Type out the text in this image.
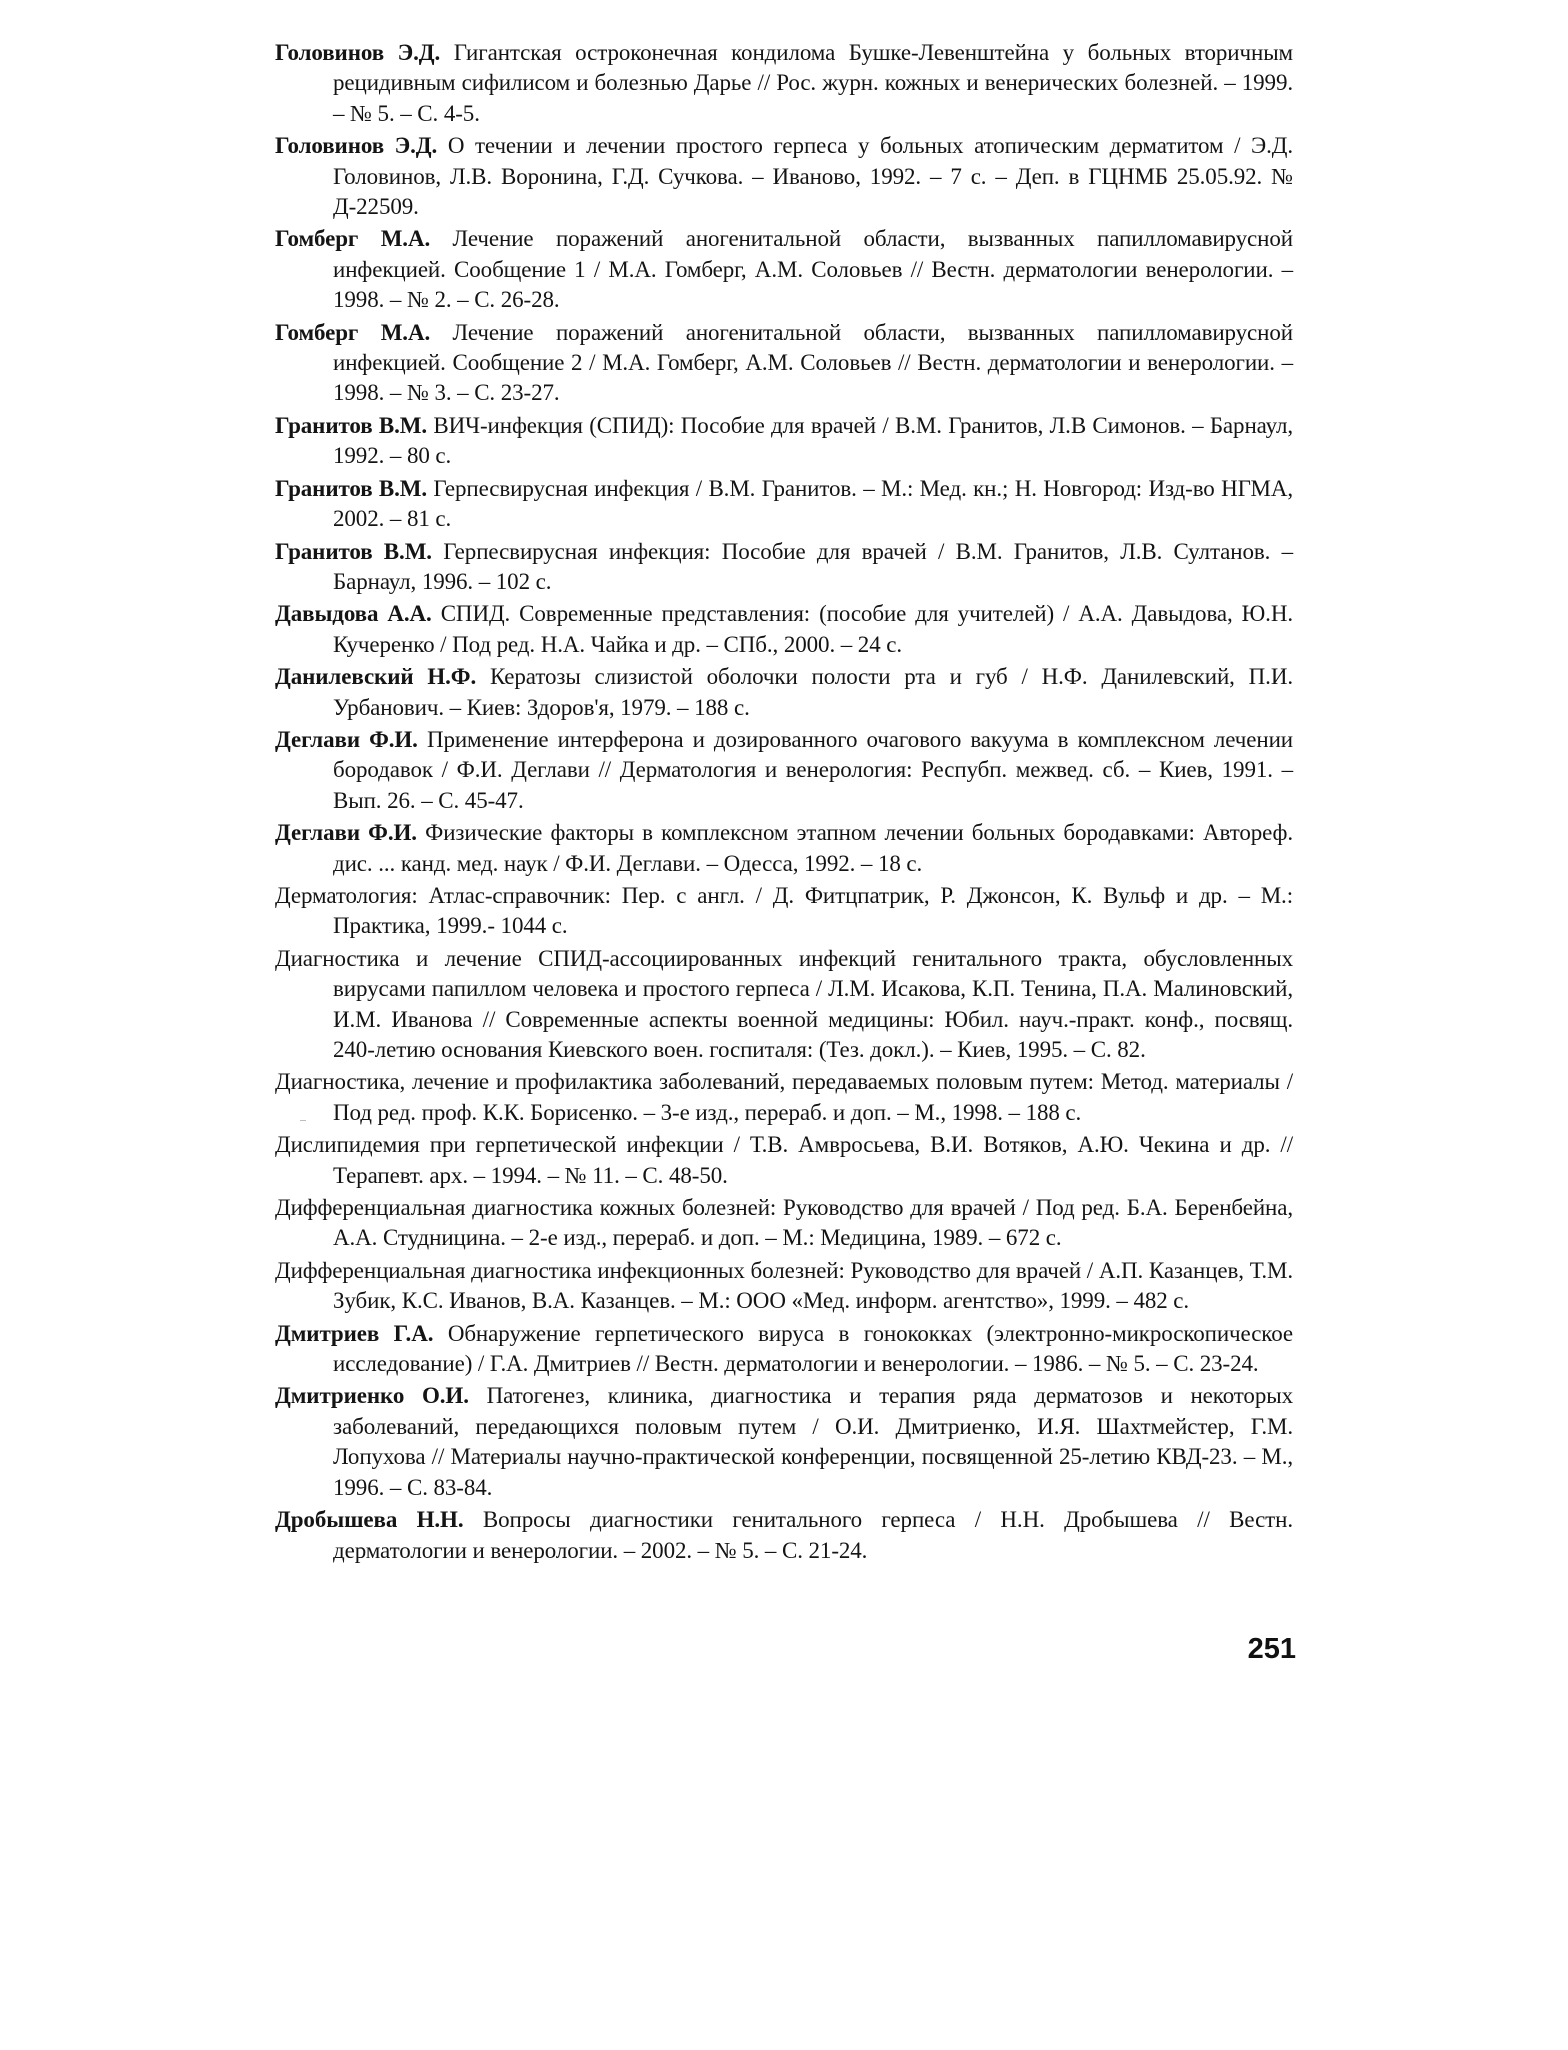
Головинов Э.Д. Гигантская остроконечная кондилома Бушке-Левенштейна у больных вторичным рецидивным сифилисом и болезнью Дарье // Рос. журн. кожных и венерических болезней. – 1999. – № 5. – С. 4-5.
Головинов Э.Д. О течении и лечении простого герпеса у больных атопическим дерматитом / Э.Д. Головинов, Л.В. Воронина, Г.Д. Сучкова. – Иваново, 1992. – 7 с. – Деп. в ГЦНМБ 25.05.92. № Д-22509.
Гомберг М.А. Лечение поражений аногенитальной области, вызванных папилломавирусной инфекцией. Сообщение 1 / М.А. Гомберг, А.М. Соловьев // Вестн. дерматологии венерологии. – 1998. – № 2. – С. 26-28.
Гомберг М.А. Лечение поражений аногенитальной области, вызванных папилломавирусной инфекцией. Сообщение 2 / М.А. Гомберг, А.М. Соловьев // Вестн. дерматологии и венерологии. – 1998. – № 3. – С. 23-27.
Гранитов В.М. ВИЧ-инфекция (СПИД): Пособие для врачей / В.М. Гранитов, Л.В Симонов. – Барнаул, 1992. – 80 с.
Гранитов В.М. Герпесвирусная инфекция / В.М. Гранитов. – М.: Мед. кн.; Н. Новгород: Изд-во НГМА, 2002. – 81 с.
Гранитов В.М. Герпесвирусная инфекция: Пособие для врачей / В.М. Гранитов, Л.В. Султанов. – Барнаул, 1996. – 102 с.
Давыдова А.А. СПИД. Современные представления: (пособие для учителей) / А.А. Давыдова, Ю.Н. Кучеренко / Под ред. Н.А. Чайка и др. – СПб., 2000. – 24 с.
Данилевский Н.Ф. Кератозы слизистой оболочки полости рта и губ / Н.Ф. Данилевский, П.И. Урбанович. – Киев: Здоров'я, 1979. – 188 с.
Деглави Ф.И. Применение интерферона и дозированного очагового вакуума в комплексном лечении бородавок / Ф.И. Деглави // Дерматология и венерология: Респубп. межвед. сб. – Киев, 1991. – Вып. 26. – С. 45-47.
Деглави Ф.И. Физические факторы в комплексном этапном лечении больных бородавками: Автореф. дис. ... канд. мед. наук / Ф.И. Деглави. – Одесса, 1992. – 18 с.
Дерматология: Атлас-справочник: Пер. с англ. / Д. Фитцпатрик, Р. Джонсон, К. Вульф и др. – М.: Практика, 1999.- 1044 с.
Диагностика и лечение СПИД-ассоциированных инфекций генитального тракта, обусловленных вирусами папиллом человека и простого герпеса / Л.М. Исакова, К.П. Тенина, П.А. Малиновский, И.М. Иванова // Современные аспекты военной медицины: Юбил. науч.-практ. конф., посвящ. 240-летию основания Киевского воен. госпиталя: (Тез. докл.). – Киев, 1995. – С. 82.
Диагностика, лечение и профилактика заболеваний, передаваемых половым путем: Метод. материалы / Под ред. проф. К.К. Борисенко. – 3-е изд., перераб. и доп. – М., 1998. – 188 с.
Дислипидемия при герпетической инфекции / Т.В. Амвросьева, В.И. Вотяков, А.Ю. Чекина и др. // Терапевт. арх. – 1994. – № 11. – С. 48-50.
Дифференциальная диагностика кожных болезней: Руководство для врачей / Под ред. Б.А. Беренбейна, А.А. Студницина. – 2-е изд., перераб. и доп. – М.: Медицина, 1989. – 672 с.
Дифференциальная диагностика инфекционных болезней: Руководство для врачей / А.П. Казанцев, Т.М. Зубик, К.С. Иванов, В.А. Казанцев. – М.: ООО «Мед. информ. агентство», 1999. – 482 с.
Дмитриев Г.А. Обнаружение герпетического вируса в гонококках (электронно-микроскопическое исследование) / Г.А. Дмитриев // Вестн. дерматологии и венерологии. – 1986. – № 5. – С. 23-24.
Дмитриенко О.И. Патогенез, клиника, диагностика и терапия ряда дерматозов и некоторых заболеваний, передающихся половым путем / О.И. Дмитриенко, И.Я. Шахтмейстер, Г.М. Лопухова // Материалы научно-практической конференции, посвященной 25-летию КВД-23. – М., 1996. – С. 83-84.
Дробышева Н.Н. Вопросы диагностики генитального герпеса / Н.Н. Дробышева // Вестн. дерматологии и венерологии. – 2002. – № 5. – С. 21-24.
251
